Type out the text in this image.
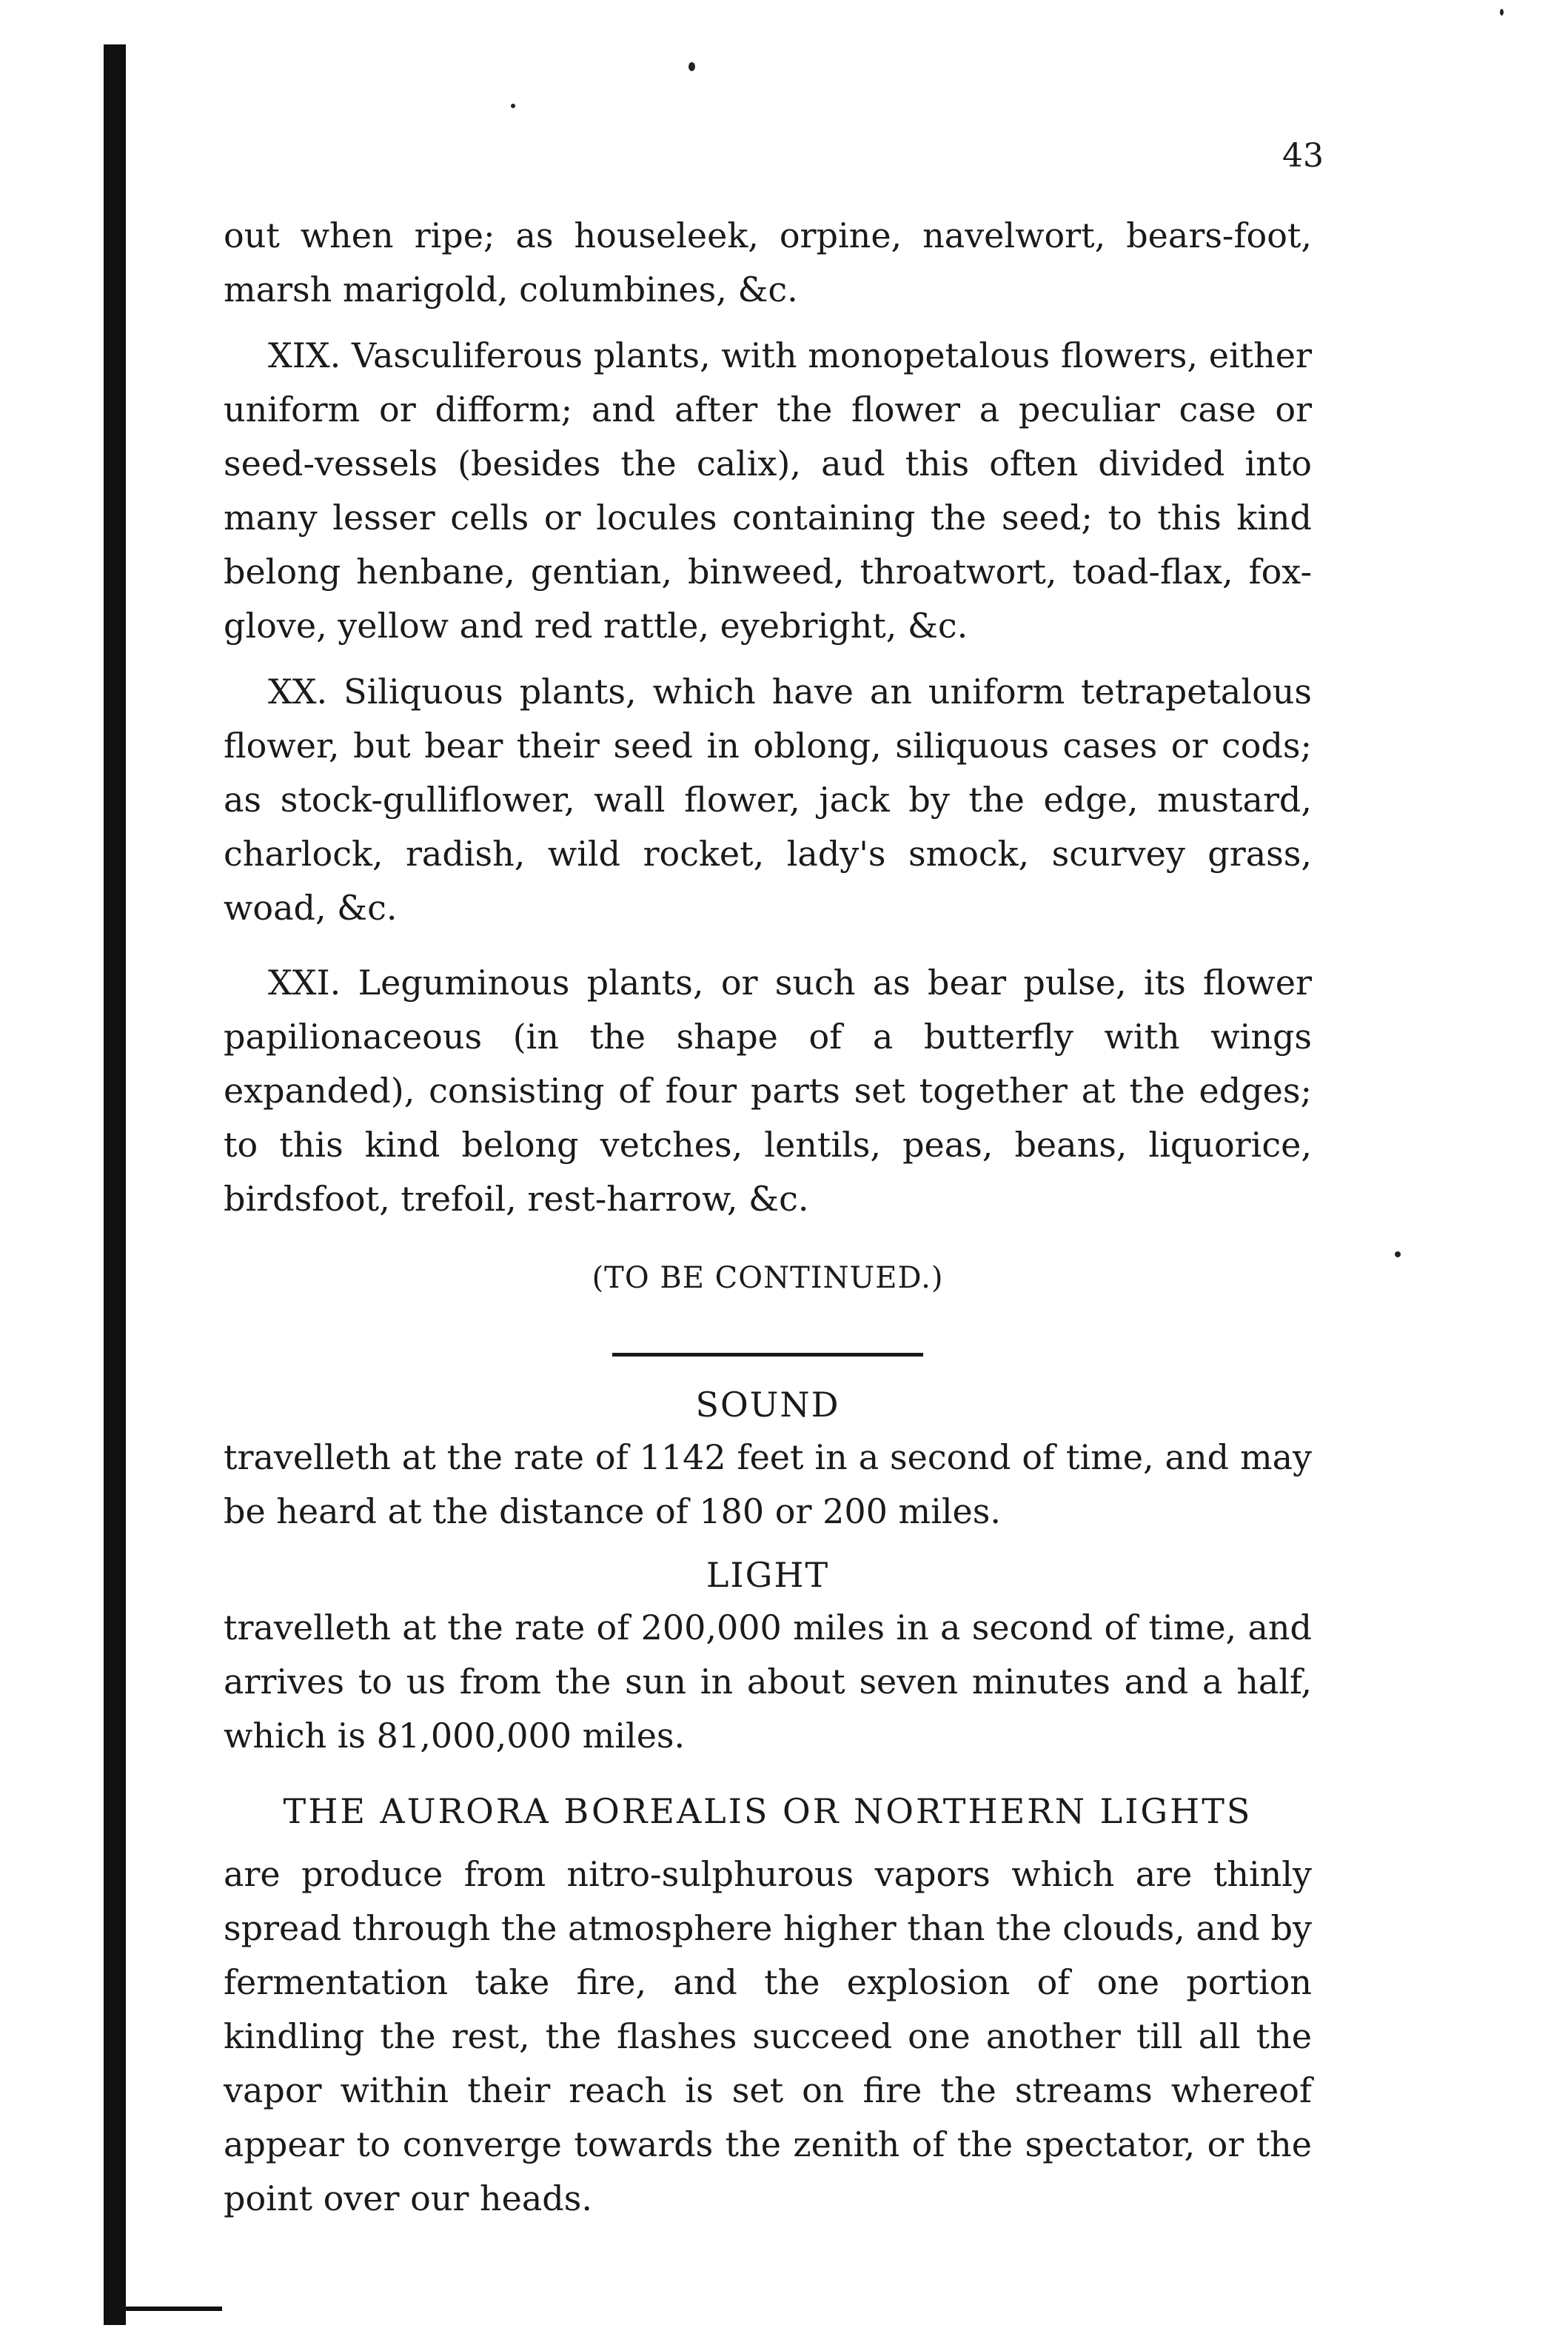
43

out when ripe; as houseleek, orpine, navelwort, bears-foot, marsh marigold, columbines, &c.

XIX. Vasculiferous plants, with monopetalous flowers, either uniform or difform; and after the flower a peculiar case or seed-vessels (besides the calix), aud this often divided into many lesser cells or locules containing the seed; to this kind belong henbane, gentian, binweed, throatwort, toad-flax, fox-glove, yellow and red rattle, eyebright, &c.

XX. Siliquous plants, which have an uniform tetrapetalous flower, but bear their seed in oblong, siliquous cases or cods; as stock-gulliflower, wall flower, jack by the edge, mustard, charlock, radish, wild rocket, lady's smock, scurvey grass, woad, &c.

XXI. Leguminous plants, or such as bear pulse, its flower papilionaceous (in the shape of a butterfly with wings expanded), consisting of four parts set together at the edges; to this kind belong vetches, lentils, peas, beans, liquorice, birdsfoot, trefoil, rest-harrow, &c.

(TO BE CONTINUED.)
SOUND

travelleth at the rate of 1142 feet in a second of time, and may be heard at the distance of 180 or 200 miles.

LIGHT

travelleth at the rate of 200,000 miles in a second of time, and arrives to us from the sun in about seven minutes and a half, which is 81,000,000 miles.

THE AURORA BOREALIS OR NORTHERN LIGHTS

are produce from nitro-sulphurous vapors which are thinly spread through the atmosphere higher than the clouds, and by fermentation take fire, and the explosion of one portion kindling the rest, the flashes succeed one another till all the vapor within their reach is set on fire the streams whereof appear to converge towards the zenith of the spectator, or the point over our heads.
